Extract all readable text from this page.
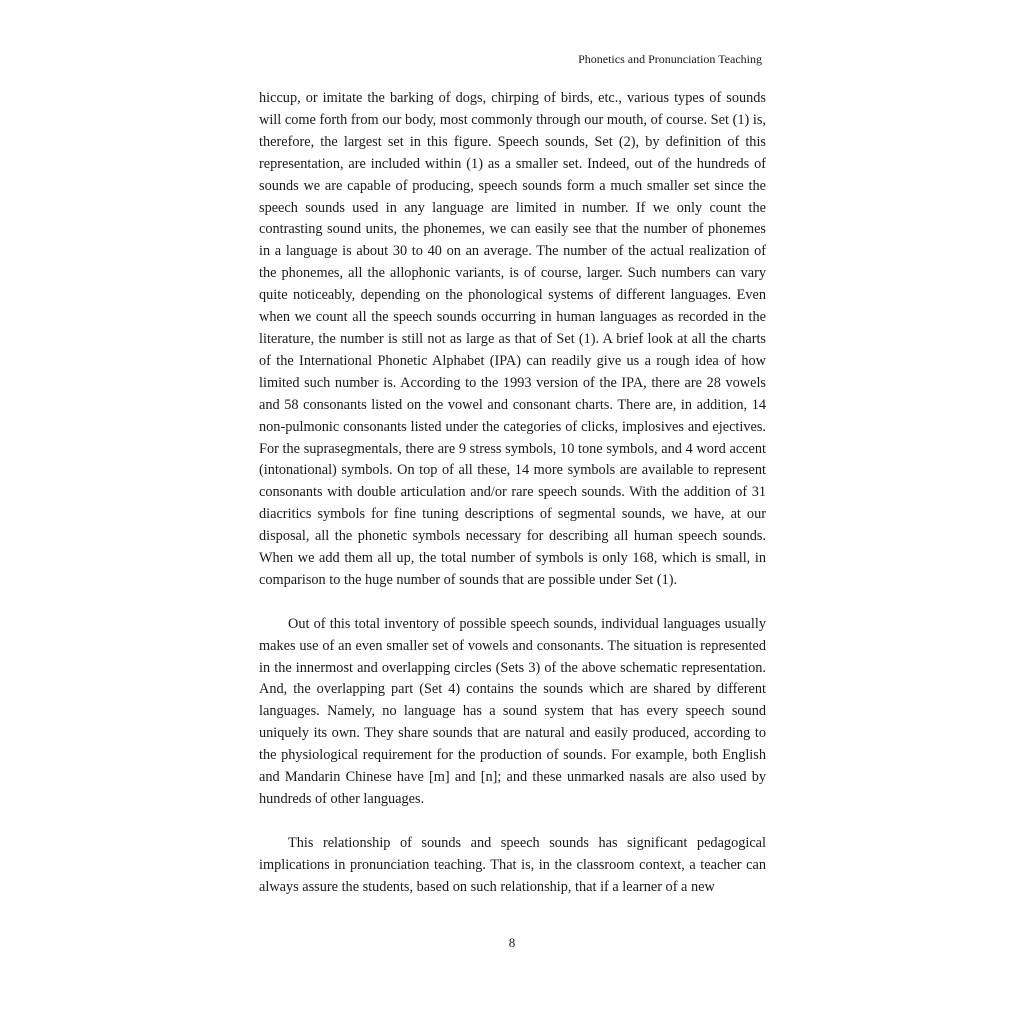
Phonetics and Pronunciation Teaching

hiccup, or imitate the barking of dogs, chirping of birds, etc., various types of sounds will come forth from our body, most commonly through our mouth, of course. Set (1) is, therefore, the largest set in this figure. Speech sounds, Set (2), by definition of this representation, are included within (1) as a smaller set. Indeed, out of the hundreds of sounds we are capable of producing, speech sounds form a much smaller set since the speech sounds used in any language are limited in number. If we only count the contrasting sound units, the phonemes, we can easily see that the number of phonemes in a language is about 30 to 40 on an average. The number of the actual realization of the phonemes, all the allophonic variants, is of course, larger. Such numbers can vary quite noticeably, depending on the phonological systems of different languages. Even when we count all the speech sounds occurring in human languages as recorded in the literature, the number is still not as large as that of Set (1). A brief look at all the charts of the International Phonetic Alphabet (IPA) can readily give us a rough idea of how limited such number is. According to the 1993 version of the IPA, there are 28 vowels and 58 consonants listed on the vowel and consonant charts. There are, in addition, 14 non-pulmonic consonants listed under the categories of clicks, implosives and ejectives. For the suprasegmentals, there are 9 stress symbols, 10 tone symbols, and 4 word accent (intonational) symbols. On top of all these, 14 more symbols are available to represent consonants with double articulation and/or rare speech sounds. With the addition of 31 diacritics symbols for fine tuning descriptions of segmental sounds, we have, at our disposal, all the phonetic symbols necessary for describing all human speech sounds. When we add them all up, the total number of symbols is only 168, which is small, in comparison to the huge number of sounds that are possible under Set (1).

Out of this total inventory of possible speech sounds, individual languages usually makes use of an even smaller set of vowels and consonants. The situation is represented in the innermost and overlapping circles (Sets 3) of the above schematic representation. And, the overlapping part (Set 4) contains the sounds which are shared by different languages. Namely, no language has a sound system that has every speech sound uniquely its own. They share sounds that are natural and easily produced, according to the physiological requirement for the production of sounds. For example, both English and Mandarin Chinese have [m] and [n]; and these unmarked nasals are also used by hundreds of other languages.

This relationship of sounds and speech sounds has significant pedagogical implications in pronunciation teaching. That is, in the classroom context, a teacher can always assure the students, based on such relationship, that if a learner of a new

8
